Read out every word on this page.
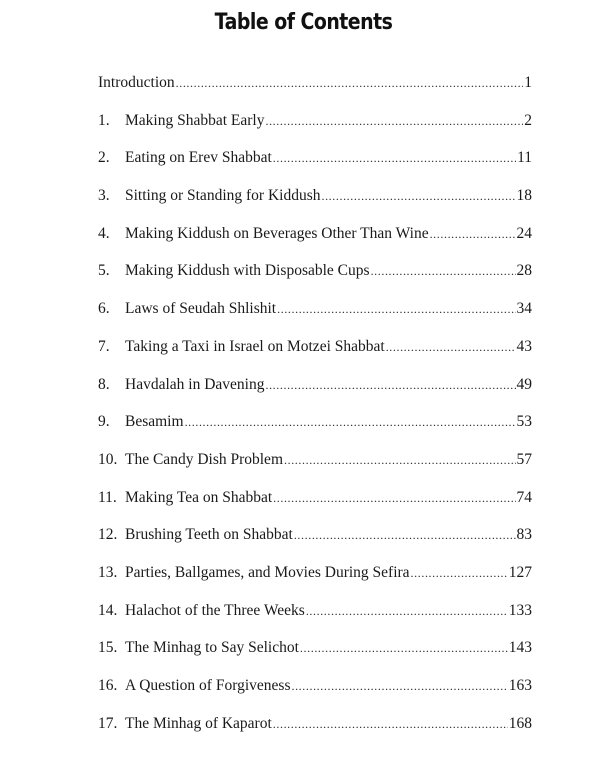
Table of Contents
Introduction .....	1
1. Making Shabbat Early .....	2
2. Eating on Erev Shabbat .....	11
3. Sitting or Standing for Kiddush .....	18
4. Making Kiddush on Beverages Other Than Wine .....	24
5. Making Kiddush with Disposable Cups .....	28
6. Laws of Seudah Shlishit .....	34
7. Taking a Taxi in Israel on Motzei Shabbat .....	43
8. Havdalah in Davening .....	49
9. Besamim .....	53
10. The Candy Dish Problem .....	57
11. Making Tea on Shabbat .....	74
12. Brushing Teeth on Shabbat .....	83
13. Parties, Ballgames, and Movies During Sefira .....	127
14. Halachot of the Three Weeks .....	133
15. The Minhag to Say Selichot .....	143
16. A Question of Forgiveness .....	163
17. The Minhag of Kaparot .....	168
